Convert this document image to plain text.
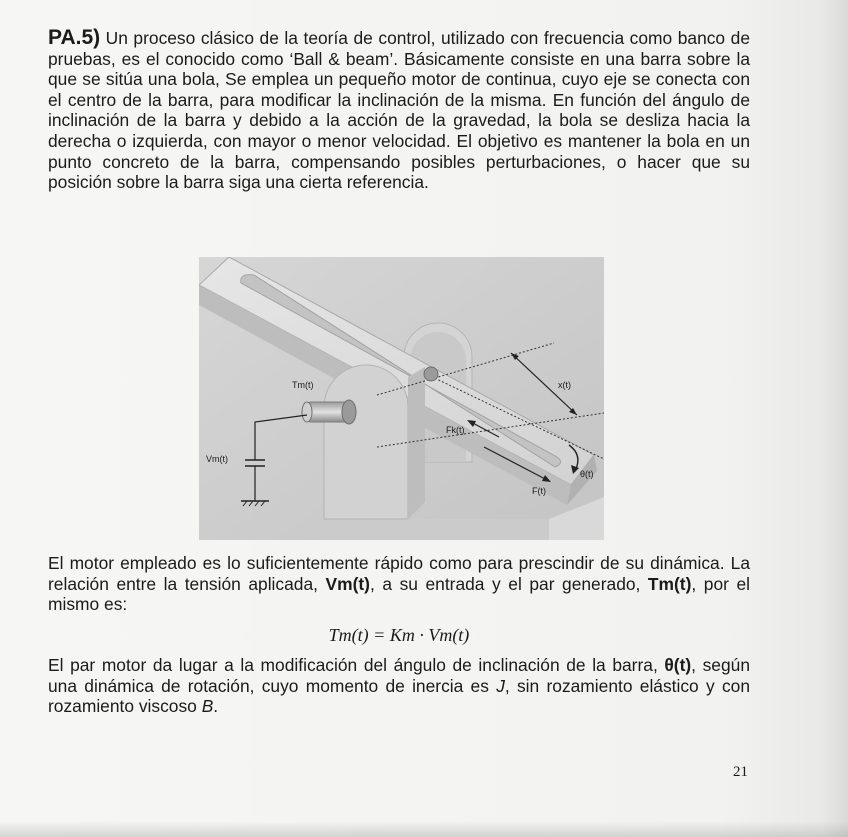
PA.5) Un proceso clásico de la teoría de control, utilizado con frecuencia como banco de pruebas, es el conocido como ‘Ball & beam’. Básicamente consiste en una barra sobre la que se sitúa una bola, Se emplea un pequeño motor de continua, cuyo eje se conecta con el centro de la barra, para modificar la inclinación de la misma. En función del ángulo de inclinación de la barra y debido a la acción de la gravedad, la bola se desliza hacia la derecha o izquierda, con mayor o menor velocidad. El objetivo es mantener la bola en un punto concreto de la barra, compensando posibles perturbaciones, o hacer que su posición sobre la barra siga una cierta referencia.

Tm(t)	x(t)
Fk(t)
Vm(t)
θ(t)
F(t)

El motor empleado es lo suficientemente rápido como para prescindir de su dinámica. La relación entre la tensión aplicada, Vm(t), a su entrada y el par generado, Tm(t), por el mismo es:

Tm(t) = Km · Vm(t)

El par motor da lugar a la modificación del ángulo de inclinación de la barra, θ(t), según una dinámica de rotación, cuyo momento de inercia es J, sin rozamiento elástico y con rozamiento viscoso B.

21
